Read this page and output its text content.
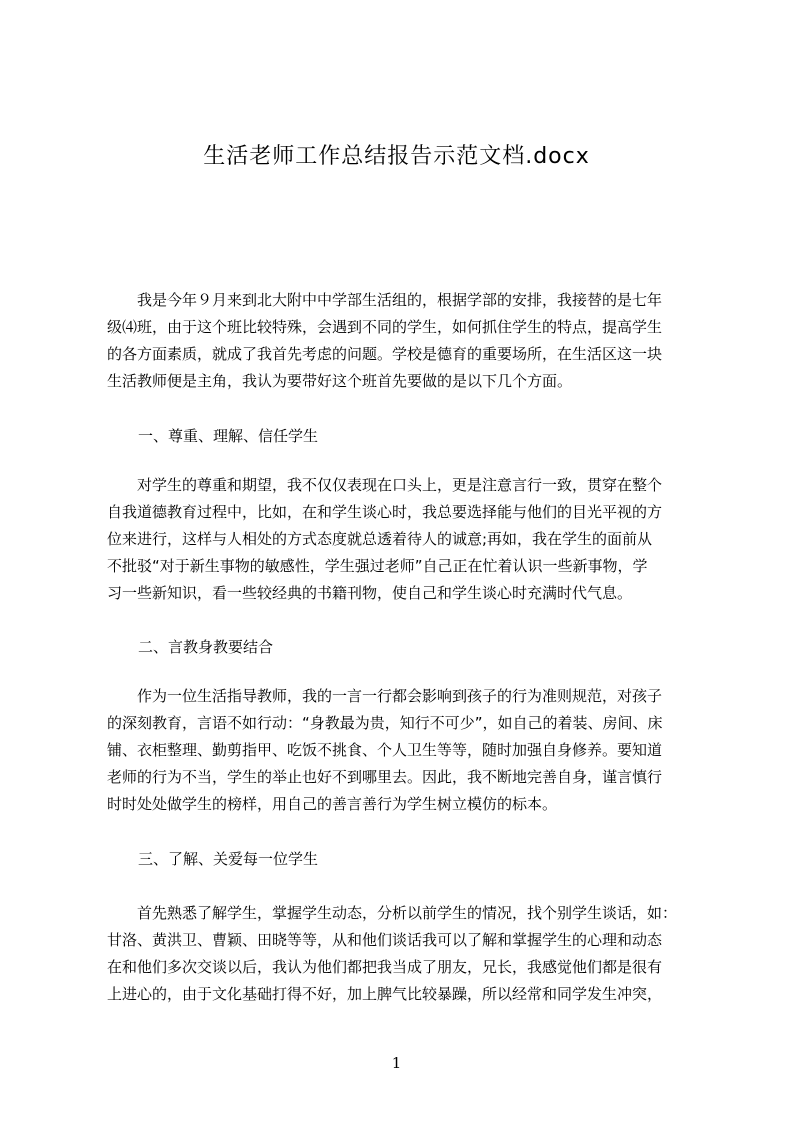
生活老师工作总结报告示范文档.docx
　　我是今年９月来到北大附中中学部生活组的，根据学部的安排，我接替的是七年
级⑷班，由于这个班比较特殊，会遇到不同的学生，如何抓住学生的特点，提高学生
的各方面素质，就成了我首先考虑的问题。学校是德育的重要场所，在生活区这一块
生活教师便是主角，我认为要带好这个班首先要做的是以下几个方面。
一、尊重、理解、信任学生
　　对学生的尊重和期望，我不仅仅表现在口头上，更是注意言行一致，贯穿在整个
自我道德教育过程中，比如，在和学生谈心时，我总要选择能与他们的目光平视的方
位来进行，这样与人相处的方式态度就总透着待人的诚意;再如，我在学生的面前从
不批驳“对于新生事物的敏感性，学生强过老师”自己正在忙着认识一些新事物，学
习一些新知识，看一些较经典的书籍刊物，使自己和学生谈心时充满时代气息。
二、言教身教要结合
　　作为一位生活指导教师，我的一言一行都会影响到孩子的行为准则规范，对孩子
的深刻教育，言语不如行动：“身教最为贵，知行不可少”，如自己的着装、房间、床
铺、衣柜整理、勤剪指甲、吃饭不挑食、个人卫生等等，随时加强自身修养。要知道
老师的行为不当，学生的举止也好不到哪里去。因此，我不断地完善自身，谨言慎行
时时处处做学生的榜样，用自己的善言善行为学生树立模仿的标本。
三、了解、关爱每一位学生
　　首先熟悉了解学生，掌握学生动态，分析以前学生的情况，找个别学生谈话，如：
甘洛、黄洪卫、曹颖、田晓等等，从和他们谈话我可以了解和掌握学生的心理和动态
在和他们多次交谈以后，我认为他们都把我当成了朋友，兄长，我感觉他们都是很有
上进心的，由于文化基础打得不好，加上脾气比较暴躁，所以经常和同学发生冲突，
1
